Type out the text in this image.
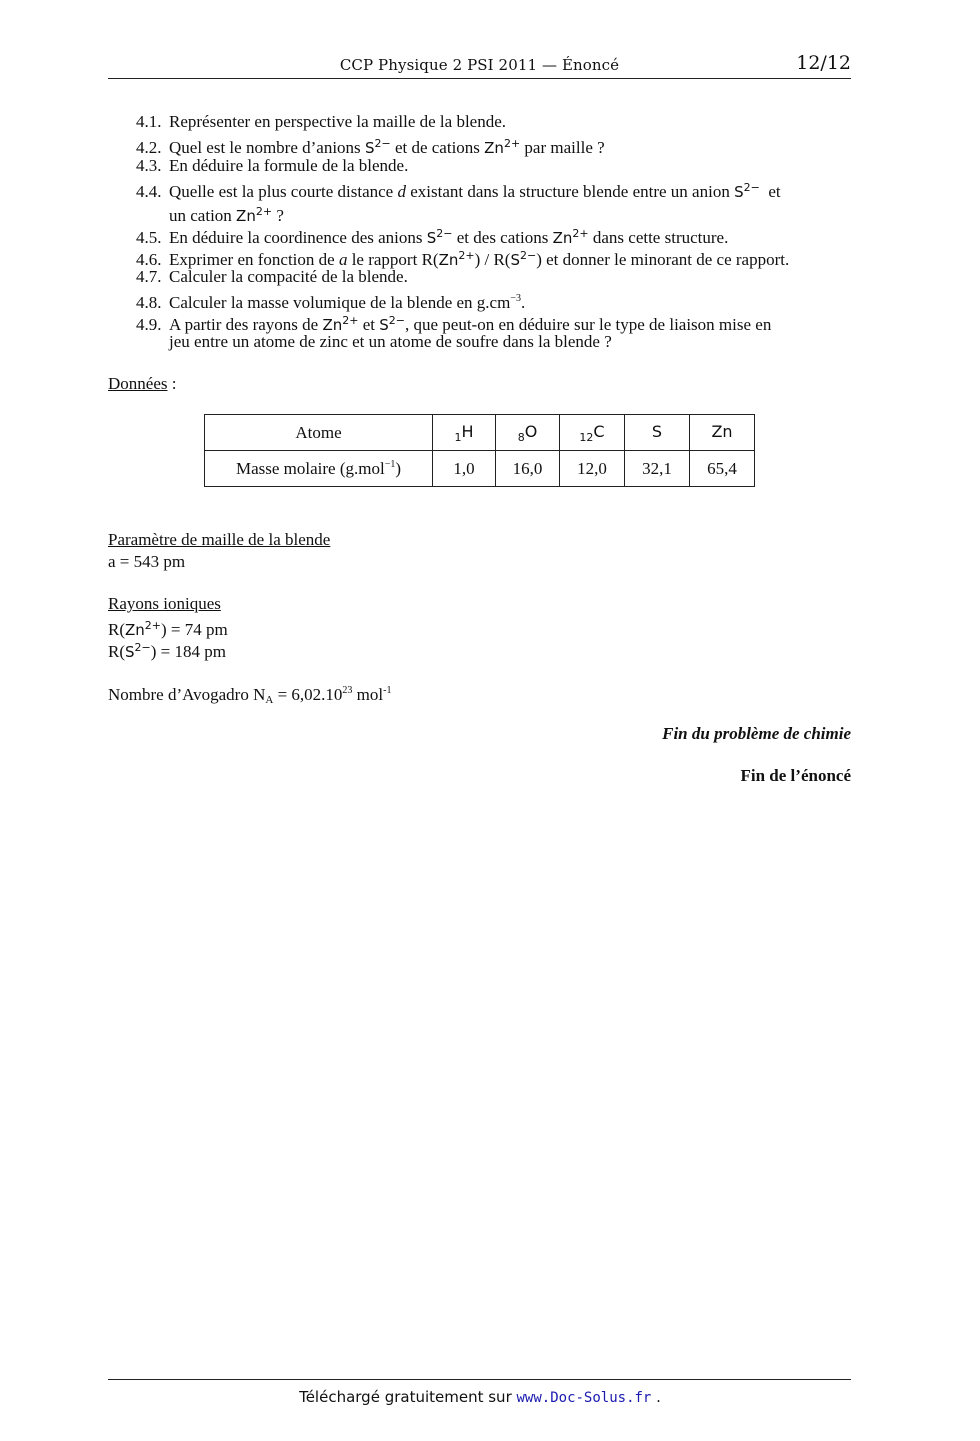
CCP Physique 2 PSI 2011 — Énoncé	12/12
4.1. Représenter en perspective la maille de la blende.
4.2. Quel est le nombre d’anions $S^{2-}$ et de cations $Zn^{2+}$ par maille ?
4.3. En déduire la formule de la blende.
4.4. Quelle est la plus courte distance d existant dans la structure blende entre un anion $S^{2-}$  et
un cation $Zn^{2+}$ ?
4.5. En déduire la coordinence des anions $S^{2-}$ et des cations $Zn^{2+}$ dans cette structure.
4.6. Exprimer en fonction de a le rapport $R(Zn^{2+}) / R(S^{2-})$ et donner le minorant de ce rapport.
4.7. Calculer la compacité de la blende.
4.8. Calculer la masse volumique de la blende en $g.cm^{-3}$.
4.9. A partir des rayons de $Zn^{2+}$ et $S^{2-}$, que peut-on en déduire sur le type de liaison mise en
jeu entre un atome de zinc et un atome de soufre dans la blende ?
Données :
Atome	$_1$H	$_8$O	$_{12}$C	S	Zn
Masse molaire (g.mol$^{-1}$)	1,0	16,0	12,0	32,1	65,4
Paramètre de maille de la blende
a = 543 pm
Rayons ioniques
$R(Zn^{2+}) = 74$ pm
$R(S^{2-}) = 184$ pm
Nombre d’Avogadro $N_A = 6,02.10^{23}$ mol$^{-1}$
Fin du problème de chimie
Fin de l’énoncé
Téléchargé gratuitement sur www.Doc-Solus.fr .
